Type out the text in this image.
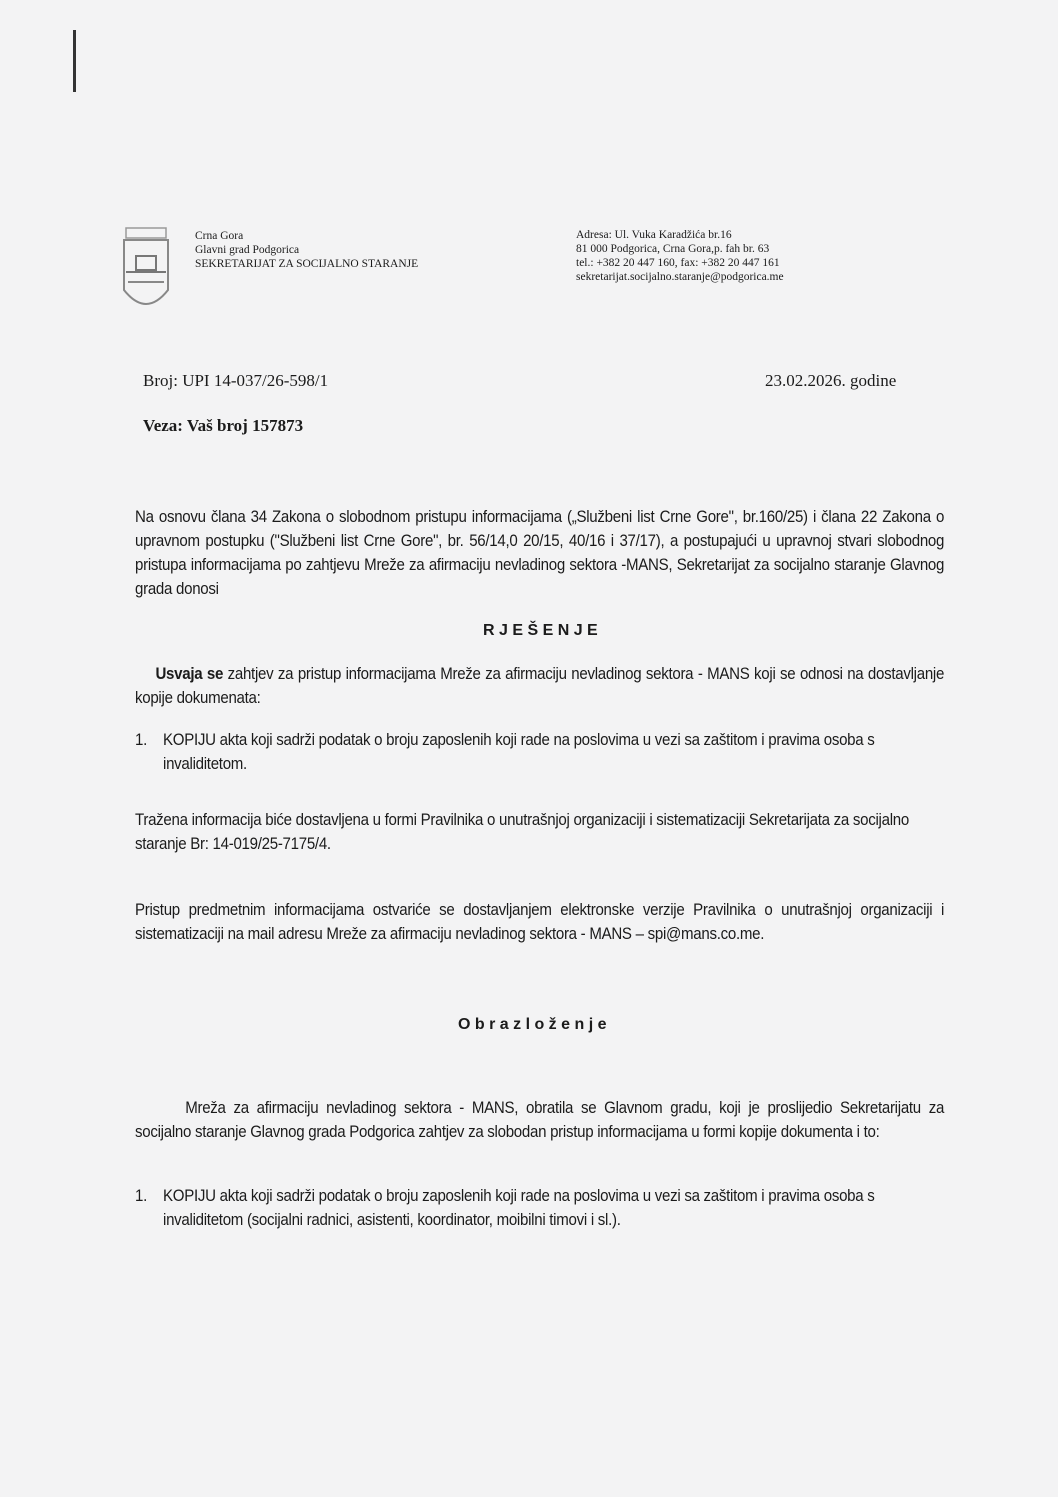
Crna Gora
Glavni grad Podgorica
SEKRETARIJAT ZA SOCIJALNO STARANJE
Adresa: Ul. Vuka Karadžića br.16
81 000 Podgorica, Crna Gora,p. fah br. 63
tel.: +382 20 447 160, fax: +382 20 447 161
sekretarijat.socijalno.staranje@podgorica.me
Broj: UPI 14-037/26-598/1	23.02.2026. godine
Veza: Vaš broj 157873
Na osnovu člana 34 Zakona o slobodnom pristupu informacijama („Službeni list Crne Gore", br.160/25) i člana 22 Zakona o upravnom postupku ("Službeni list Crne Gore", br. 56/14,0 20/15, 40/16 i 37/17), a postupajući u upravnoj stvari slobodnog pristupa informacijama po zahtjevu Mreže za afirmaciju nevladinog sektora -MANS, Sekretarijat za socijalno staranje Glavnog grada donosi
R J E Š E N J E
Usvaja se zahtjev za pristup informacijama Mreže za afirmaciju nevladinog sektora - MANS koji se odnosi na dostavljanje kopije dokumenata:
1. KOPIJU akta koji sadrži podatak o broju zaposlenih koji rade na poslovima u vezi sa zaštitom i pravima osoba s invaliditetom.
Tražena informacija biće dostavljena u formi Pravilnika o unutrašnjoj organizaciji i sistematizaciji Sekretarijata za socijalno staranje Br: 14-019/25-7175/4.
Pristup predmetnim informacijama ostvariće se dostavljanjem elektronske verzije Pravilnika o unutrašnjoj organizaciji i sistematizaciji na mail adresu Mreže za afirmaciju nevladinog sektora - MANS – spi@mans.co.me.
O b r a z l o ž e n j e
Mreža za afirmaciju nevladinog sektora - MANS, obratila se Glavnom gradu, koji je proslijedio Sekretarijatu za socijalno staranje Glavnog grada Podgorica zahtjev za slobodan pristup informacijama u formi kopije dokumenta i to:
1. KOPIJU akta koji sadrži podatak o broju zaposlenih koji rade na poslovima u vezi sa zaštitom i pravima osoba s invaliditetom (socijalni radnici, asistenti, koordinator, moibilni timovi i sl.).
